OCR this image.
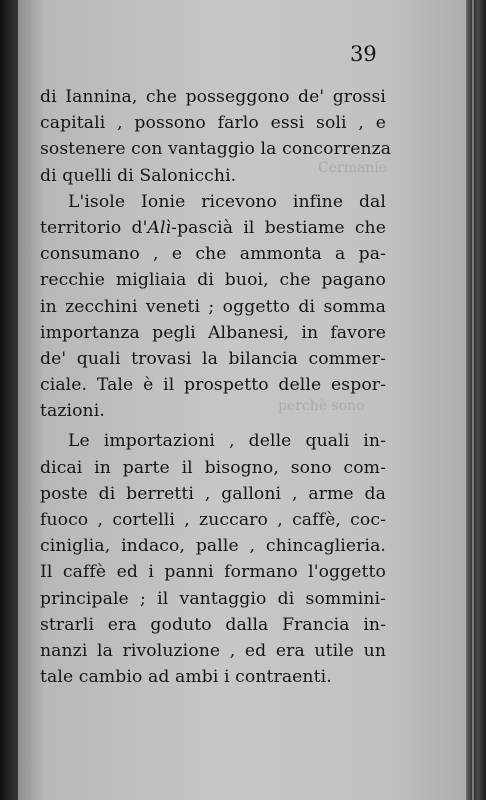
Cermanie
perchè sono
39
di Iannina, che posseggono de' grossi
capitali , possono farlo essi soli , e
sostenere con vantaggio la concorrenza
di quelli di Salonicchi.
L'isole Ionie ricevono infine dal
territorio d'Alì-pascià il bestiame che
consumano , e che ammonta a pa-
recchie migliaia di buoi, che pagano
in zecchini veneti ; oggetto di somma
importanza pegli Albanesi, in favore
de' quali trovasi la bilancia commer-
ciale. Tale è il prospetto delle espor-
tazioni.
Le importazioni , delle quali in-
dicai in parte il bisogno, sono com-
poste di berretti , galloni , arme da
fuoco , cortelli , zuccaro , caffè, coc-
ciniglia, indaco, palle , chincaglieria.
Il caffè ed i panni formano l'oggetto
principale ; il vantaggio di sommini-
strarli era goduto dalla Francia in-
nanzi la rivoluzione , ed era utile un
tale cambio ad ambi i contraenti.
